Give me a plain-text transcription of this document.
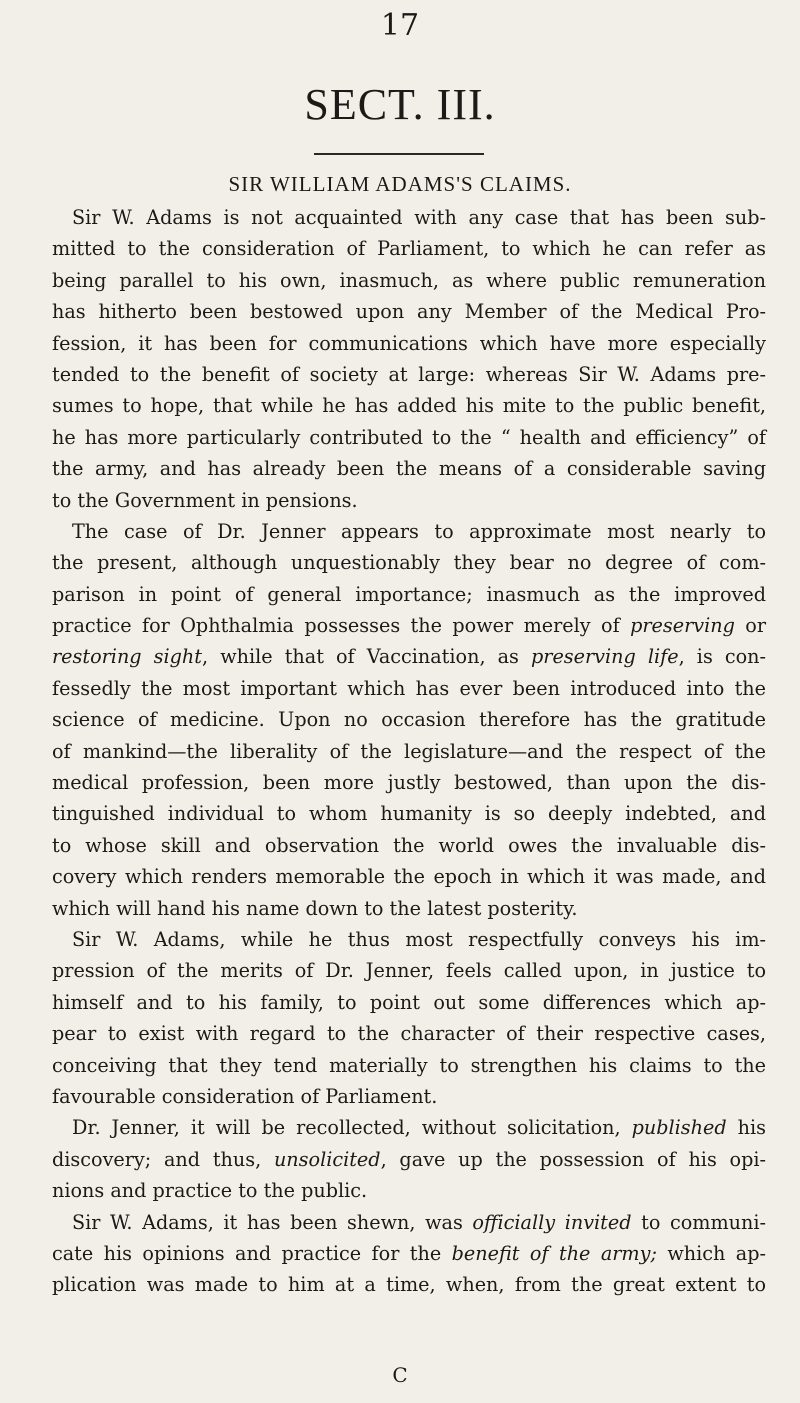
17
SECT. III.
SIR WILLIAM ADAMS'S CLAIMS.
Sir W. Adams is not acquainted with any case that has been sub-
mitted to the consideration of Parliament, to which he can refer as
being parallel to his own, inasmuch, as where public remuneration
has hitherto been bestowed upon any Member of the Medical Pro-
fession, it has been for communications which have more especially
tended to the benefit of society at large: whereas Sir W. Adams pre-
sumes to hope, that while he has added his mite to the public benefit,
he has more particularly contributed to the “ health and efficiency” of
the army, and has already been the means of a considerable saving
to the Government in pensions.
The case of Dr. Jenner appears to approximate most nearly to
the present, although unquestionably they bear no degree of com-
parison in point of general importance; inasmuch as the improved
practice for Ophthalmia possesses the power merely of preserving or
restoring sight, while that of Vaccination, as preserving life, is con-
fessedly the most important which has ever been introduced into the
science of medicine. Upon no occasion therefore has the gratitude
of mankind—the liberality of the legislature—and the respect of the
medical profession, been more justly bestowed, than upon the dis-
tinguished individual to whom humanity is so deeply indebted, and
to whose skill and observation the world owes the invaluable dis-
covery which renders memorable the epoch in which it was made, and
which will hand his name down to the latest posterity.
Sir W. Adams, while he thus most respectfully conveys his im-
pression of the merits of Dr. Jenner, feels called upon, in justice to
himself and to his family, to point out some differences which ap-
pear to exist with regard to the character of their respective cases,
conceiving that they tend materially to strengthen his claims to the
favourable consideration of Parliament.
Dr. Jenner, it will be recollected, without solicitation, published his
discovery; and thus, unsolicited, gave up the possession of his opi-
nions and practice to the public.
Sir W. Adams, it has been shewn, was officially invited to communi-
cate his opinions and practice for the benefit of the army; which ap-
plication was made to him at a time, when, from the great extent to
C
